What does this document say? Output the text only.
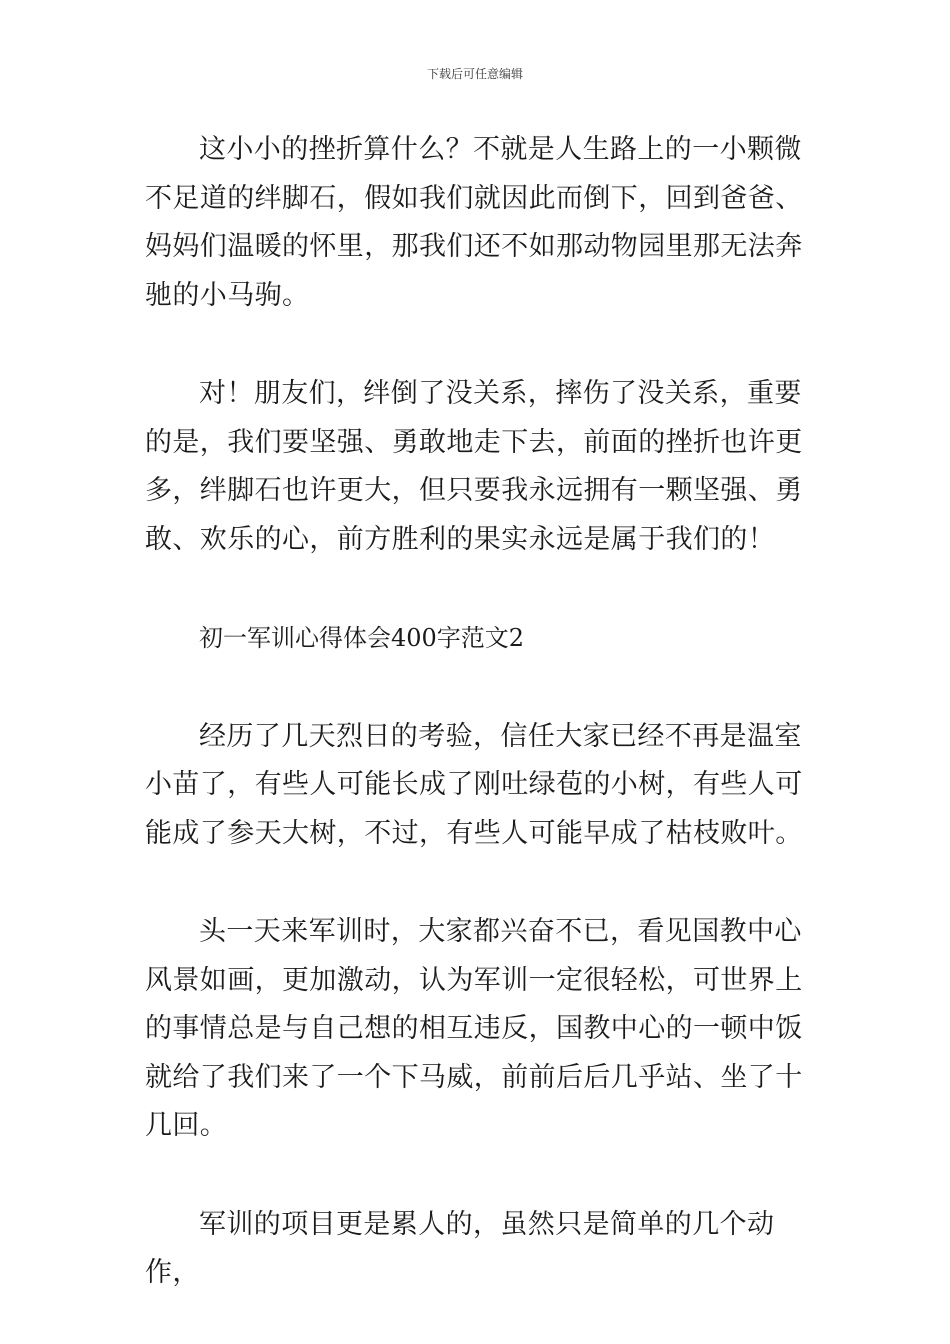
下载后可任意编辑

这小小的挫折算什么？不就是人生路上的一小颗微不足道的绊脚石，假如我们就因此而倒下，回到爸爸、妈妈们温暖的怀里，那我们还不如那动物园里那无法奔驰的小马驹。

对！朋友们，绊倒了没关系，摔伤了没关系，重要的是，我们要坚强、勇敢地走下去，前面的挫折也许更多，绊脚石也许更大，但只要我永远拥有一颗坚强、勇敢、欢乐的心，前方胜利的果实永远是属于我们的！

初一军训心得体会400字范文2

经历了几天烈日的考验，信任大家已经不再是温室小苗了，有些人可能长成了刚吐绿苞的小树，有些人可能成了参天大树，不过，有些人可能早成了枯枝败叶。

头一天来军训时，大家都兴奋不已，看见国教中心风景如画，更加激动，认为军训一定很轻松，可世界上的事情总是与自己想的相互违反，国教中心的一顿中饭就给了我们来了一个下马威，前前后后几乎站、坐了十几回。

军训的项目更是累人的，虽然只是简单的几个动作，
